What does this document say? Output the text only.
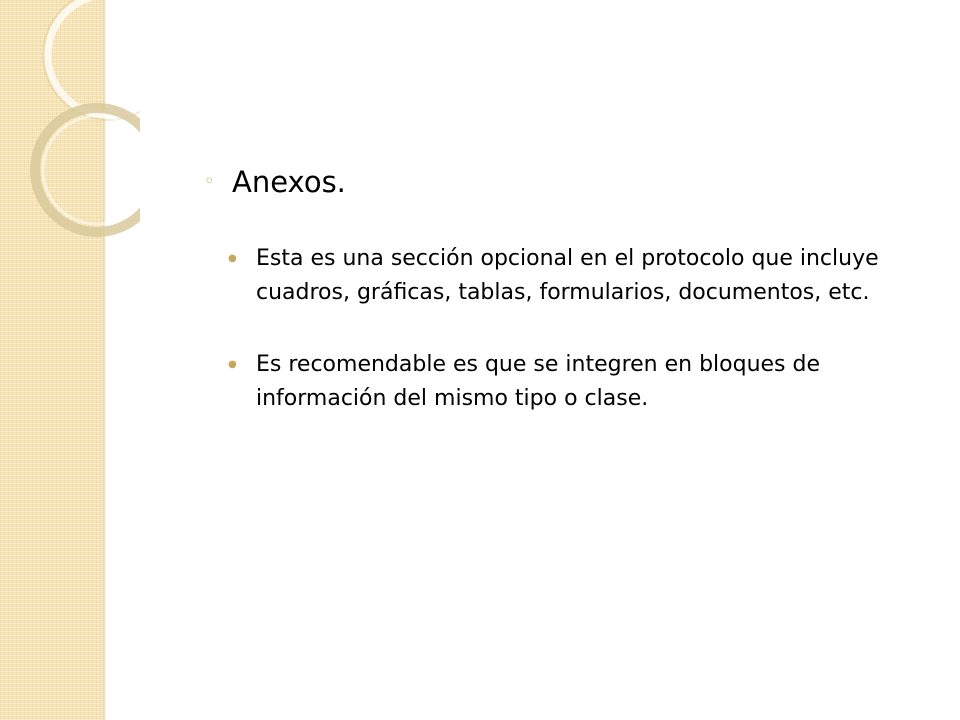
◦ Anexos.
● Esta es una sección opcional en el protocolo que incluye cuadros, gráficas, tablas, formularios, documentos, etc.
● Es recomendable es que se integren en bloques de información del mismo tipo o clase.
